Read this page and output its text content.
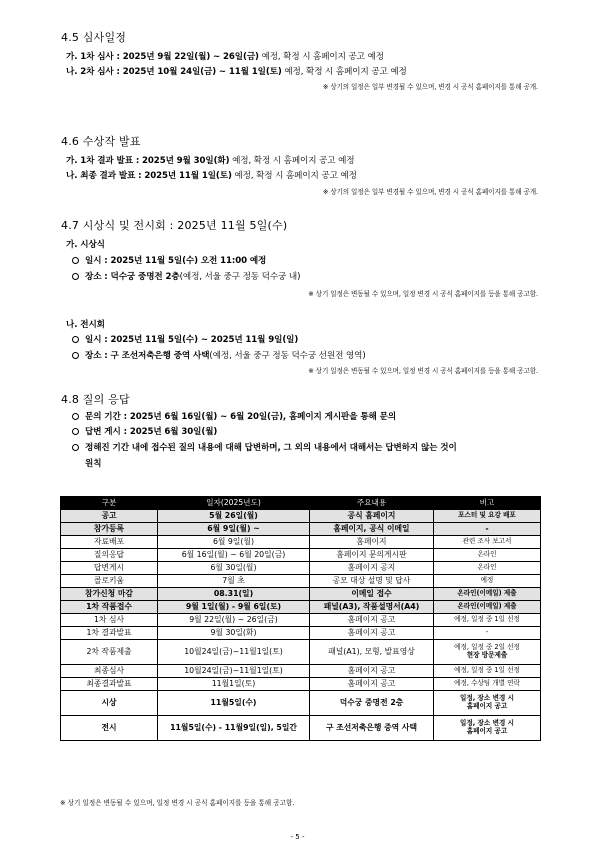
4.5 심사일정
가. 1차 심사 : 2025년 9월 22일(월) ~ 26일(금) 예정, 확정 시 홈페이지 공고 예정
나. 2차 심사 : 2025년 10월 24일(금) ~ 11월 1일(토) 예정, 확정 시 홈페이지 공고 예정
※ 상기의 일정은 일부 변경될 수 있으며, 변경 시 공식 홈페이지를 통해 공개.
4.6 수상작 발표
가. 1차 결과 발표 : 2025년 9월 30일(화) 예정, 확정 시 홈페이지 공고 예정
나. 최종 결과 발표 : 2025년 11월 1일(토) 예정, 확정 시 홈페이지 공고 예정
※ 상기의 일정은 일부 변경될 수 있으며, 변경 시 공식 홈페이지를 통해 공개.
4.7 시상식 및 전시회 : 2025년 11월 5일(수)
가. 시상식
일시 : 2025년 11월 5일(수) 오전 11:00 예정
장소 : 덕수궁 중명전 2층(예정, 서울 중구 정동 덕수궁 내)
※ 상기 일정은 변동될 수 있으며, 일정 변경 시 공식 홈페이지를 등을 통해 공고함.
나. 전시회
일시 : 2025년 11월 5일(수) ~ 2025년 11월 9일(일)
장소 : 구 조선저축은행 중역 사택(예정, 서울 중구 정동 덕수궁 선원전 영역)
※ 상기 일정은 변동될 수 있으며, 일정 변경 시 공식 홈페이지를 등을 통해 공고함.
4.8 질의 응답
문의 기간 : 2025년 6월 16일(월) ~ 6월 20일(금), 홈페이지 게시판을 통해 문의
답변 게시 : 2025년 6월 30일(월)
정해진 기간 내에 접수된 질의 내용에 대해 답변하며, 그 외의 내용에서 대해서는 답변하지 않는 것이
원칙
구분	일자(2025년도)	주요내용	비고
공고	5월 26일(월)	공식 홈페이지	포스터 및 요강 배포
참가등록	6월 9일(월) ~	홈페이지, 공식 이메일	-
자료배포	6월 9일(월)	홈페이지	관련 조사 보고서
질의응답	6월 16일(월) ~ 6월 20일(금)	홈페이지 문의게시판	온라인
답변게시	6월 30일(월)	홈페이지 공지	온라인
콜로키움	7월 초	공모 대상 설명 및 답사	예정
참가신청 마감	08.31(일)	이메일 접수	온라인(이메일) 제출
1차 작품접수	9월 1일(월) - 9월 6일(토)	패널(A3), 작품설명서(A4)	온라인(이메일) 제출
1차 심사	9월 22일(월) ~ 26일(금)	홈페이지 공고	예정, 일정 중 1일 선정
1차 결과발표	9월 30일(화)	홈페이지 공고	-
2차 작품제출	10월24일(금)~11월1일(토)	패널(A1), 모형, 발표영상	예정, 일정 중 2일 선정
현장 방문제출

최종심사	10월24일(금)~11월1일(토)	홈페이지 공고	예정, 일정 중 1일 선정
최종결과발표	11월1일(토)	홈페이지 공고	예정, 수상팀 개별 연락
시상	11월5일(수)	덕수궁 중명전 2층	일정, 장소 변경 시
홈페이지 공고

전시	11월5일(수) - 11월9일(일), 5일간	구 조선저축은행 중역 사택	일정, 장소 변경 시
홈페이지 공고
※ 상기 일정은 변동될 수 있으며, 일정 변경 시 공식 홈페이지를 등을 통해 공고함.
- 5 -
